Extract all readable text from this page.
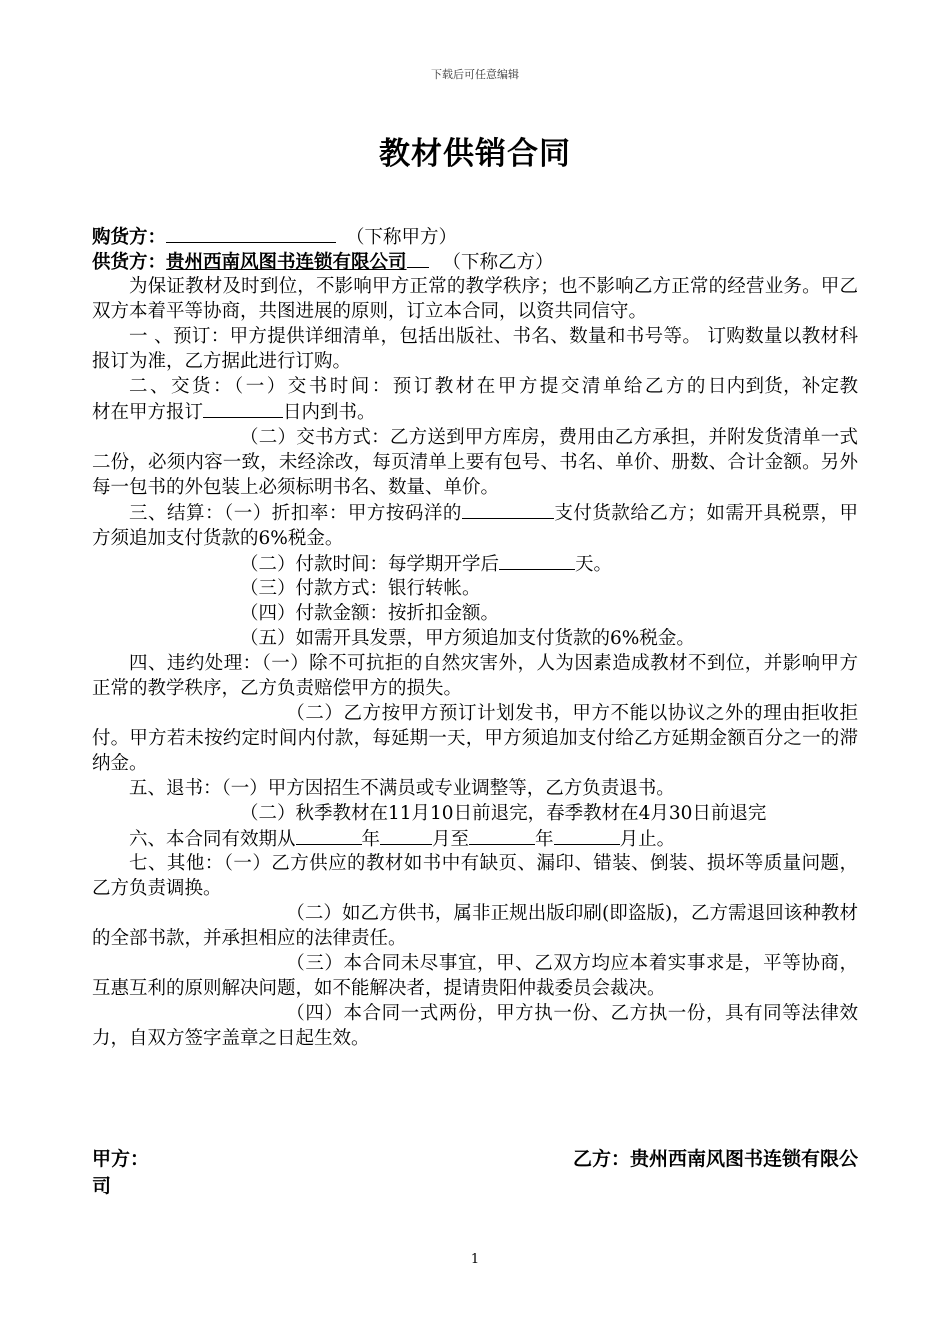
下载后可任意编辑
教材供销合同
购货方：	（下称甲方）
供货方：贵州西南风图书连锁有限公司 （下称乙方）
为保证教材及时到位，不影响甲方正常的教学秩序；也不影响乙方正常的经营业务。甲乙双方本着平等协商，共图进展的原则，订立本合同，以资共同信守。
一 、预订：甲方提供详细清单，包括出版社、书名、数量和书号等。 订购数量以教材科报订为准，乙方据此进行订购。
二、交货：（一）交书时间：预订教材在甲方提交清单给乙方的日内到货，补定教材在甲方报订	日内到书。
（二）交书方式：乙方送到甲方库房，费用由乙方承担，并附发货清单一式二份，必须内容一致，未经涂改，每页清单上要有包号、书名、单价、册数、合计金额。另外每一包书的外包装上必须标明书名、数量、单价。
三、结算：（一）折扣率：甲方按码洋的	支付货款给乙方；如需开具税票，甲方须追加支付货款的6%税金。
（二）付款时间：每学期开学后	天。
（三）付款方式：银行转帐。
（四）付款金额：按折扣金额。
（五）如需开具发票，甲方须追加支付货款的6%税金。
四、违约处理：（一）除不可抗拒的自然灾害外，人为因素造成教材不到位，并影响甲方正常的教学秩序，乙方负责赔偿甲方的损失。
（二）乙方按甲方预订计划发书，甲方不能以协议之外的理由拒收拒付。甲方若未按约定时间内付款，每延期一天，甲方须追加支付给乙方延期金额百分之一的滞纳金。
五、退书：（一）甲方因招生不满员或专业调整等，乙方负责退书。
（二）秋季教材在11月10日前退完，春季教材在4月30日前退完
六、本合同有效期从	年	月至	年	月止。
七、其他：（一）乙方供应的教材如书中有缺页、漏印、错装、倒装、损坏等质量问题，乙方负责调换。
（二）如乙方供书，属非正规出版印刷(即盗版)，乙方需退回该种教材的全部书款，并承担相应的法律责任。
（三）本合同未尽事宜，甲、乙双方均应本着实事求是，平等协商，互惠互利的原则解决问题，如不能解决者，提请贵阳仲裁委员会裁决。
（四）本合同一式两份，甲方执一份、乙方执一份，具有同等法律效力，自双方签字盖章之日起生效。
甲方：	乙方：贵州西南风图书连锁有限公
司
1
